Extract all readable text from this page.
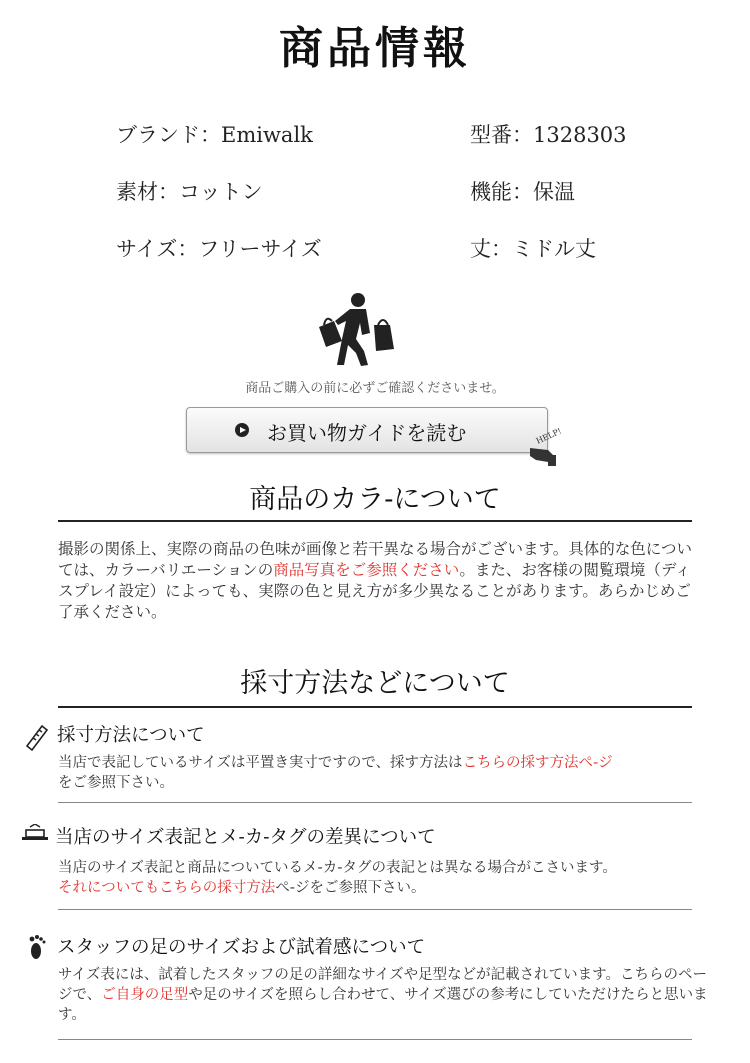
商品情報
ブランド：Emiwalk	型番：1328303
素材：コットン	機能：保温
サイズ：フリーサイズ	丈：ミドル丈
商品ご購入の前に必ずご確認くださいませ。
お買い物ガイドを読む	HELP!
商品のカラ-について
撮影の関係上、実際の商品の色味が画像と若干異なる場合がございます。具体的な色については、カラーバリエーションの商品写真をご参照ください。また、お客様の閲覧環境（ディスプレイ設定）によっても、実際の色と見え方が多少異なることがあります。あらかじめご了承ください。
採寸方法などについて
採寸方法について
当店で表記しているサイズは平置き実寸ですので、採す方法はこちらの採す方法ぺ-ジ
をご参照下さい。
当店のサイズ表記とメ-カ-タグの差異について
当店のサイズ表記と商品についているメ-カ-タグの表記とは異なる場合がこさいます。
それについてもこちらの採寸方法ぺ-ジをご参照下さい。
スタッフの足のサイズおよび試着感について
サイズ表には、試着したスタッフの足の詳細なサイズや足型などが記載されています。こちらのページで、ご自身の足型や足のサイズを照らし合わせて、サイズ選びの参考にしていただけたらと思います。
